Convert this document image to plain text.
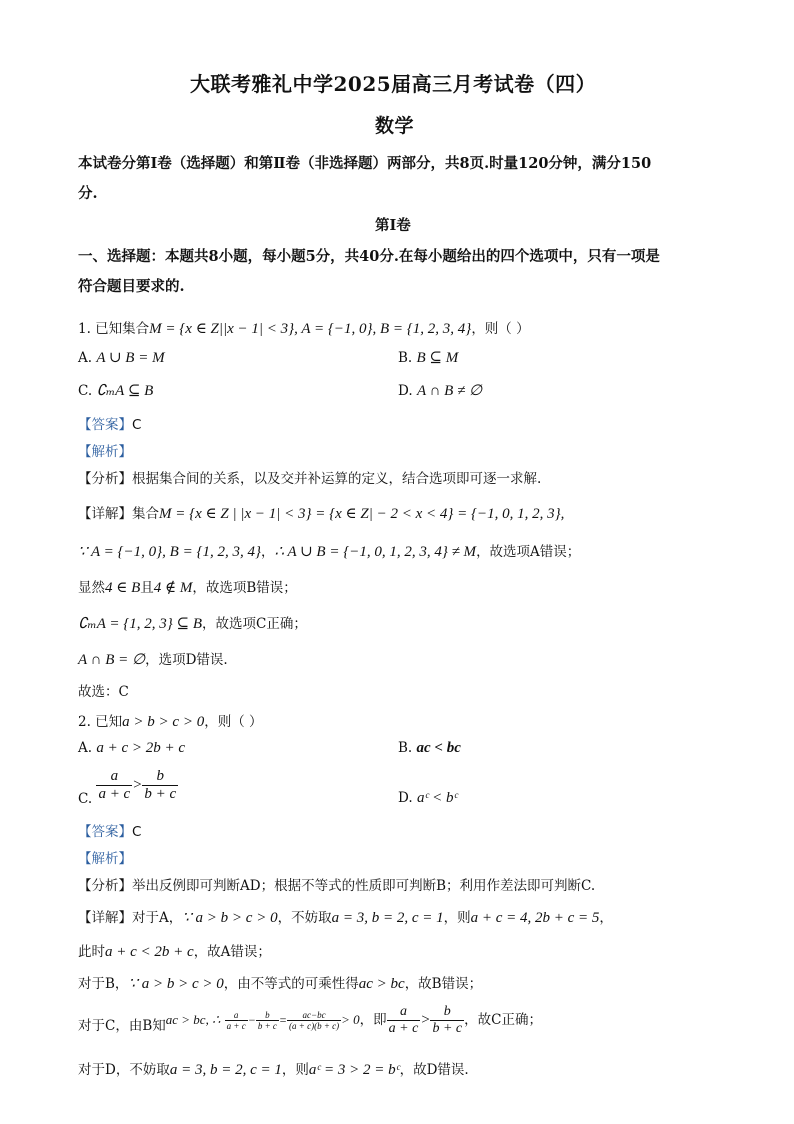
大联考雅礼中学2025届高三月考试卷（四）
数学
本试卷分第Ⅰ卷（选择题）和第Ⅱ卷（非选择题）两部分，共8页.时量120分钟，满分150
分.
第Ⅰ卷
一、选择题：本题共8小题，每小题5分，共40分.在每小题给出的四个选项中，只有一项是
符合题目要求的.
1. 已知集合M = {x ∈ Z||x − 1| < 3}, A = {−1, 0}, B = {1, 2, 3, 4}，则（ ）
A. A ∪ B = M	B. B ⊆ M
C. ∁ₘA ⊆ B	D. A ∩ B ≠ ∅
【答案】C
【解析】
【分析】根据集合间的关系，以及交并补运算的定义，结合选项即可逐一求解.
【详解】集合M = {x ∈ Z | |x − 1| < 3} = {x ∈ Z| − 2 < x < 4} = {−1, 0, 1, 2, 3},
∵ A = {−1, 0}, B = {1, 2, 3, 4}，∴ A ∪ B = {−1, 0, 1, 2, 3, 4} ≠ M，故选项A错误；
显然4 ∈ B且4 ∉ M，故选项B错误；
∁ₘA = {1, 2, 3} ⊆ B，故选项C正确；
A ∩ B = ∅，选项D错误.
故选：C
2. 已知a > b > c > 0，则（ ）
A. a + c > 2b + c	B. ac < bc
C. $\frac{a}{a + c} > \frac{b}{b + c}$	D. aᶜ < bᶜ
【答案】C
【解析】
【分析】举出反例即可判断AD；根据不等式的性质即可判断B；利用作差法即可判断C.
【详解】对于A，∵ a > b > c > 0，不妨取a = 3, b = 2, c = 1，则a + c = 4, 2b + c = 5，
此时a + c < 2b + c，故A错误；
对于B，∵ a > b > c > 0，由不等式的可乘性得ac > bc，故B错误；
对于C，由B知ac > bc, ∴ $\frac{a}{a + c} - \frac{b}{b + c} = \frac{ac-bc}{(a + c)(b + c)} > 0$，即 $\frac{a}{a + c} > \frac{b}{b + c}$ ，故C正确；
对于D，不妨取a = 3, b = 2, c = 1，则aᶜ = 3 > 2 = bᶜ，故D错误.
